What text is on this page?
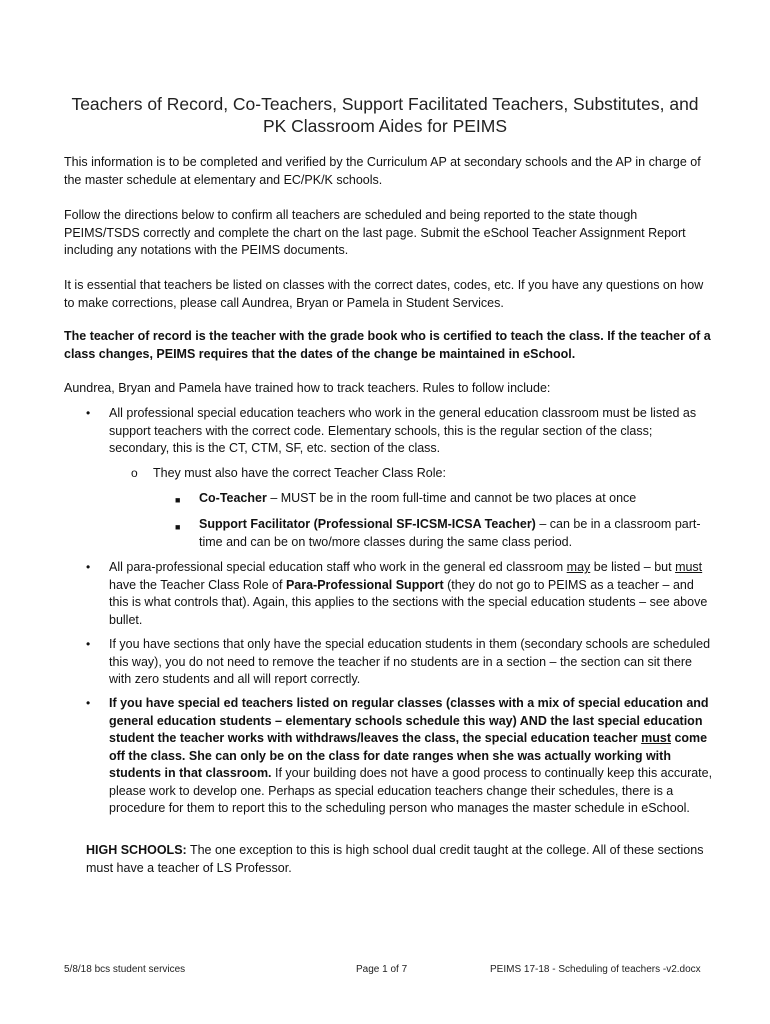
Teachers of Record, Co-Teachers, Support Facilitated Teachers, Substitutes, and
PK Classroom Aides for PEIMS
This information is to be completed and verified by the Curriculum AP at secondary schools and the AP in charge of the master schedule at elementary and EC/PK/K schools.
Follow the directions below to confirm all teachers are scheduled and being reported to the state though PEIMS/TSDS correctly and complete the chart on the last page. Submit the eSchool Teacher Assignment Report including any notations with the PEIMS documents.
It is essential that teachers be listed on classes with the correct dates, codes, etc. If you have any questions on how to make corrections, please call Aundrea, Bryan or Pamela in Student Services.
The teacher of record is the teacher with the grade book who is certified to teach the class. If the teacher of a class changes, PEIMS requires that the dates of the change be maintained in eSchool.
Aundrea, Bryan and Pamela have trained how to track teachers. Rules to follow include:
• All professional special education teachers who work in the general education classroom must be listed as support teachers with the correct code. Elementary schools, this is the regular section of the class; secondary, this is the CT, CTM, SF, etc. section of the class.
o They must also have the correct Teacher Class Role:
■ Co-Teacher – MUST be in the room full-time and cannot be two places at once
■ Support Facilitator (Professional SF-ICSM-ICSA Teacher) – can be in a classroom part-time and can be on two/more classes during the same class period.
• All para-professional special education staff who work in the general ed classroom may be listed – but must have the Teacher Class Role of Para-Professional Support (they do not go to PEIMS as a teacher – and this is what controls that). Again, this applies to the sections with the special education students – see above bullet.
• If you have sections that only have the special education students in them (secondary schools are scheduled this way), you do not need to remove the teacher if no students are in a section – the section can sit there with zero students and all will report correctly.
• If you have special ed teachers listed on regular classes (classes with a mix of special education and general education students – elementary schools schedule this way) AND the last special education student the teacher works with withdraws/leaves the class, the special education teacher must come off the class. She can only be on the class for date ranges when she was actually working with students in that classroom. If your building does not have a good process to continually keep this accurate, please work to develop one. Perhaps as special education teachers change their schedules, there is a procedure for them to report this to the scheduling person who manages the master schedule in eSchool.
HIGH SCHOOLS: The one exception to this is high school dual credit taught at the college. All of these sections must have a teacher of LS Professor.
5/8/18 bcs student services	Page 1 of 7	PEIMS 17-18 - Scheduling of teachers -v2.docx
